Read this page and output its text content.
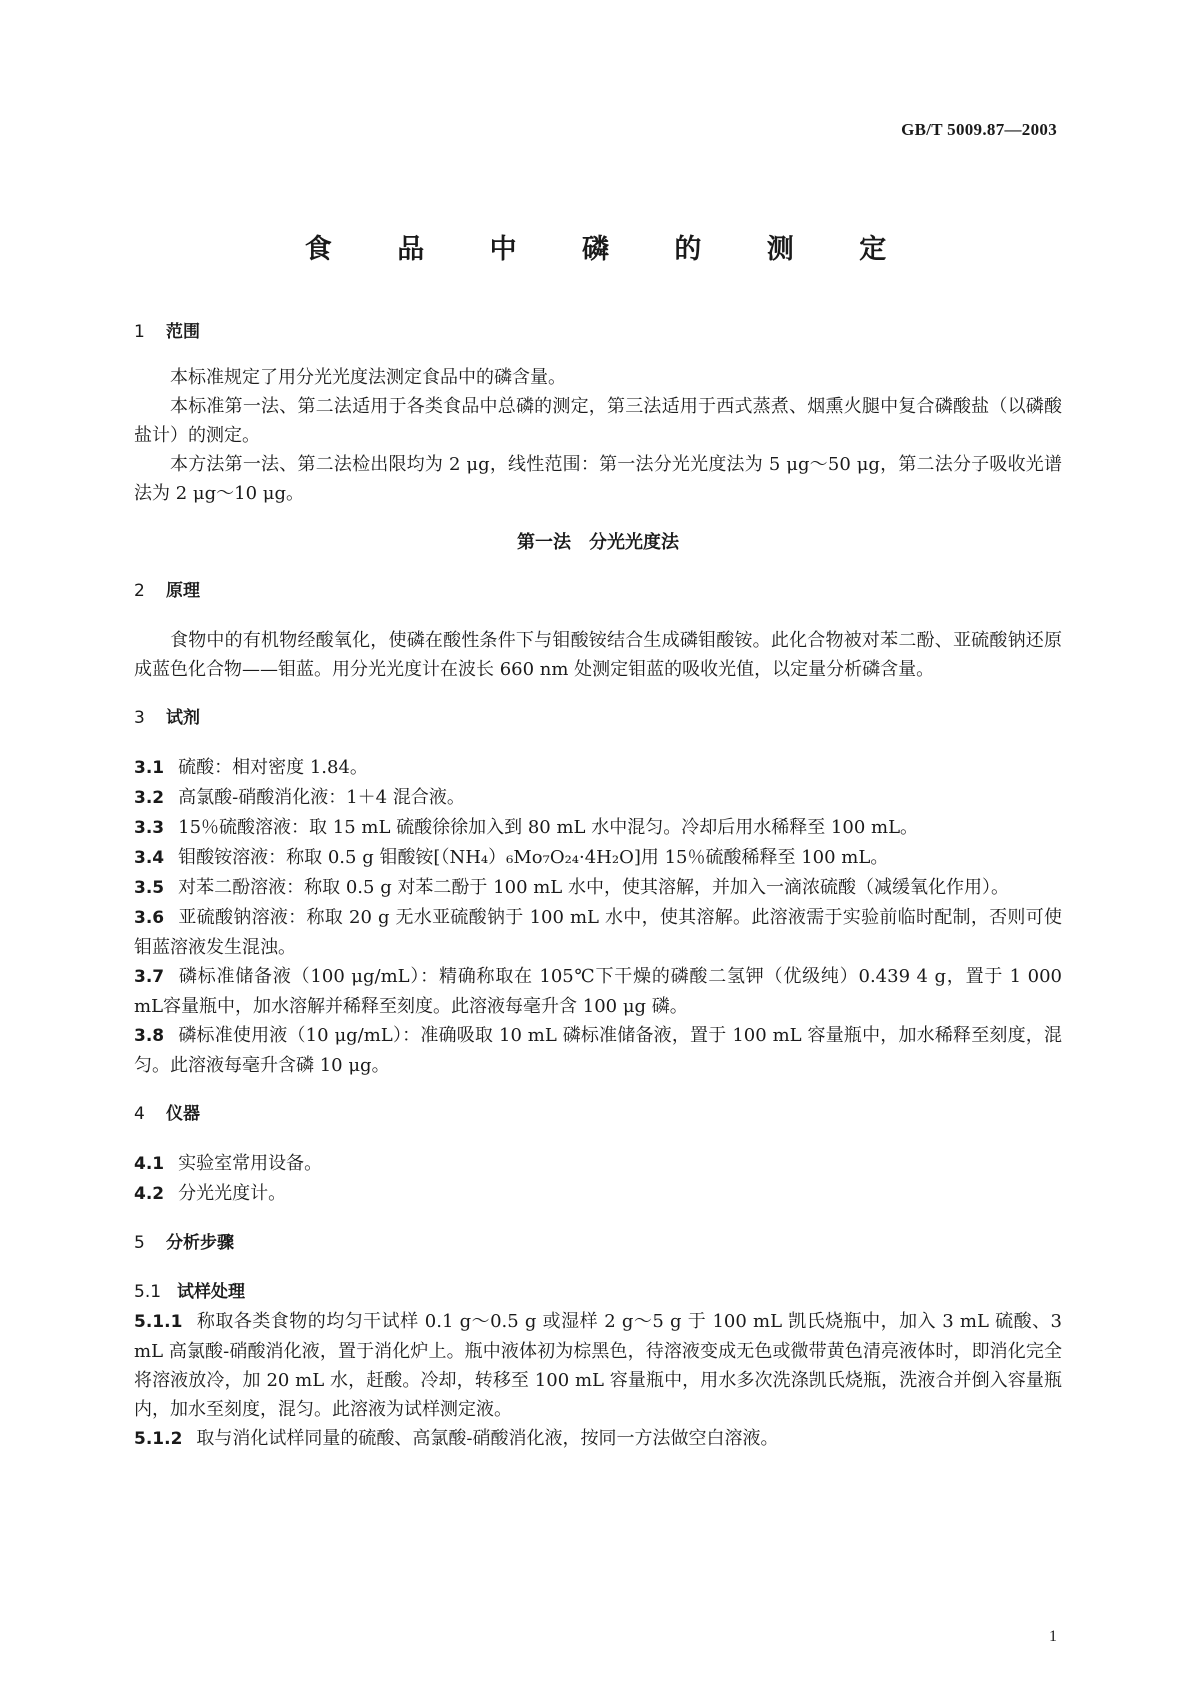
GB/T 5009.87—2003
食 品 中 磷 的 测 定

1 范围

本标准规定了用分光光度法测定食品中的磷含量。

本标准第一法、第二法适用于各类食品中总磷的测定，第三法适用于西式蒸煮、烟熏火腿中复合磷酸盐（以磷酸盐计）的测定。

本方法第一法、第二法检出限均为 2 μg，线性范围：第一法分光光度法为 5 μg～50 μg，第二法分子吸收光谱法为 2 μg～10 μg。

第一法　分光光度法

2 原理

食物中的有机物经酸氧化，使磷在酸性条件下与钼酸铵结合生成磷钼酸铵。此化合物被对苯二酚、亚硫酸钠还原成蓝色化合物——钼蓝。用分光光度计在波长 660 nm 处测定钼蓝的吸收光值，以定量分析磷含量。

3 试剂

3.1 硫酸：相对密度 1.84。

3.2 高氯酸-硝酸消化液：1＋4 混合液。

3.3 15％硫酸溶液：取 15 mL 硫酸徐徐加入到 80 mL 水中混匀。冷却后用水稀释至 100 mL。

3.4 钼酸铵溶液：称取 0.5 g 钼酸铵[（NH₄）₆Mo₇O₂₄·4H₂O]用 15％硫酸稀释至 100 mL。

3.5 对苯二酚溶液：称取 0.5 g 对苯二酚于 100 mL 水中，使其溶解，并加入一滴浓硫酸（减缓氧化作用）。

3.6 亚硫酸钠溶液：称取 20 g 无水亚硫酸钠于 100 mL 水中，使其溶解。此溶液需于实验前临时配制，否则可使钼蓝溶液发生混浊。

3.7 磷标准储备液（100 μg/mL）：精确称取在 105℃下干燥的磷酸二氢钾（优级纯）0.439 4 g，置于 1 000 mL容量瓶中，加水溶解并稀释至刻度。此溶液每毫升含 100 μg 磷。

3.8 磷标准使用液（10 μg/mL）：准确吸取 10 mL 磷标准储备液，置于 100 mL 容量瓶中，加水稀释至刻度，混匀。此溶液每毫升含磷 10 μg。

4 仪器

4.1 实验室常用设备。

4.2 分光光度计。

5 分析步骤

5.1 试样处理

5.1.1 称取各类食物的均匀干试样 0.1 g～0.5 g 或湿样 2 g～5 g 于 100 mL 凯氏烧瓶中，加入 3 mL 硫酸、3 mL 高氯酸-硝酸消化液，置于消化炉上。瓶中液体初为棕黑色，待溶液变成无色或微带黄色清亮液体时，即消化完全将溶液放冷，加 20 mL 水，赶酸。冷却，转移至 100 mL 容量瓶中，用水多次洗涤凯氏烧瓶，洗液合并倒入容量瓶内，加水至刻度，混匀。此溶液为试样测定液。

5.1.2 取与消化试样同量的硫酸、高氯酸-硝酸消化液，按同一方法做空白溶液。

1
